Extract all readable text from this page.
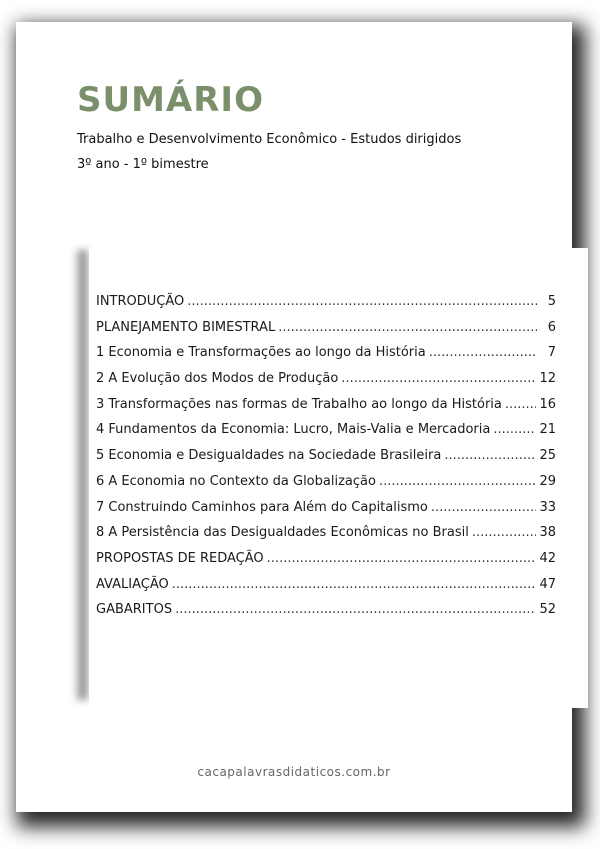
SUMÁRIO

Trabalho e Desenvolvimento Econômico - Estudos dirigidos

3º ano - 1º bimestre

INTRODUÇÃO .....	5
PLANEJAMENTO BIMESTRAL .....	6
1 Economia e Transformações ao longo da História .....	7
2 A Evolução dos Modos de Produção .....	12
3 Transformações nas formas de Trabalho ao longo da História .....	16
4 Fundamentos da Economia: Lucro, Mais-Valia e Mercadoria .....	21
5 Economia e Desigualdades na Sociedade Brasileira .....	25
6 A Economia no Contexto da Globalização .....	29
7 Construindo Caminhos para Além do Capitalismo .....	33
8 A Persistência das Desigualdades Econômicas no Brasil .....	38
PROPOSTAS DE REDAÇÃO .....	42
AVALIAÇÃO .....	47
GABARITOS .....	52
cacapalavrasdidaticos.com.br
